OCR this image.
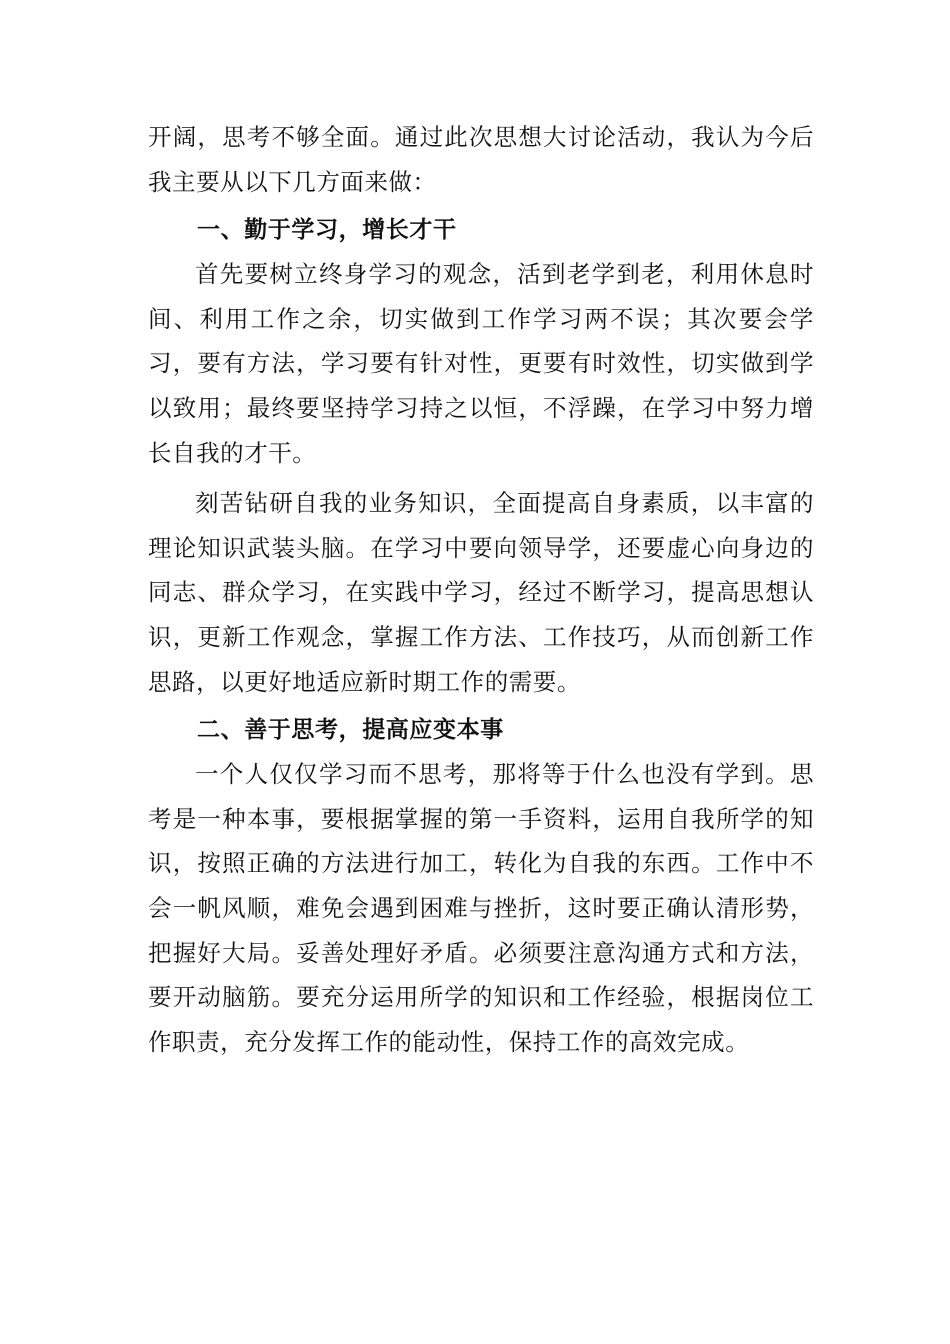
开阔，思考不够全面。通过此次思想大讨论活动，我认为今后我主要从以下几方面来做：

一、勤于学习，增长才干

首先要树立终身学习的观念，活到老学到老，利用休息时间、利用工作之余，切实做到工作学习两不误；其次要会学习，要有方法，学习要有针对性，更要有时效性，切实做到学以致用；最终要坚持学习持之以恒，不浮躁，在学习中努力增长自我的才干。

刻苦钻研自我的业务知识，全面提高自身素质，以丰富的理论知识武装头脑。在学习中要向领导学，还要虚心向身边的同志、群众学习，在实践中学习，经过不断学习，提高思想认识，更新工作观念，掌握工作方法、工作技巧，从而创新工作思路，以更好地适应新时期工作的需要。

二、善于思考，提高应变本事

一个人仅仅学习而不思考，那将等于什么也没有学到。思考是一种本事，要根据掌握的第一手资料，运用自我所学的知识，按照正确的方法进行加工，转化为自我的东西。工作中不会一帆风顺，难免会遇到困难与挫折，这时要正确认清形势，把握好大局。妥善处理好矛盾。必须要注意沟通方式和方法，要开动脑筋。要充分运用所学的知识和工作经验，根据岗位工作职责，充分发挥工作的能动性，保持工作的高效完成。
